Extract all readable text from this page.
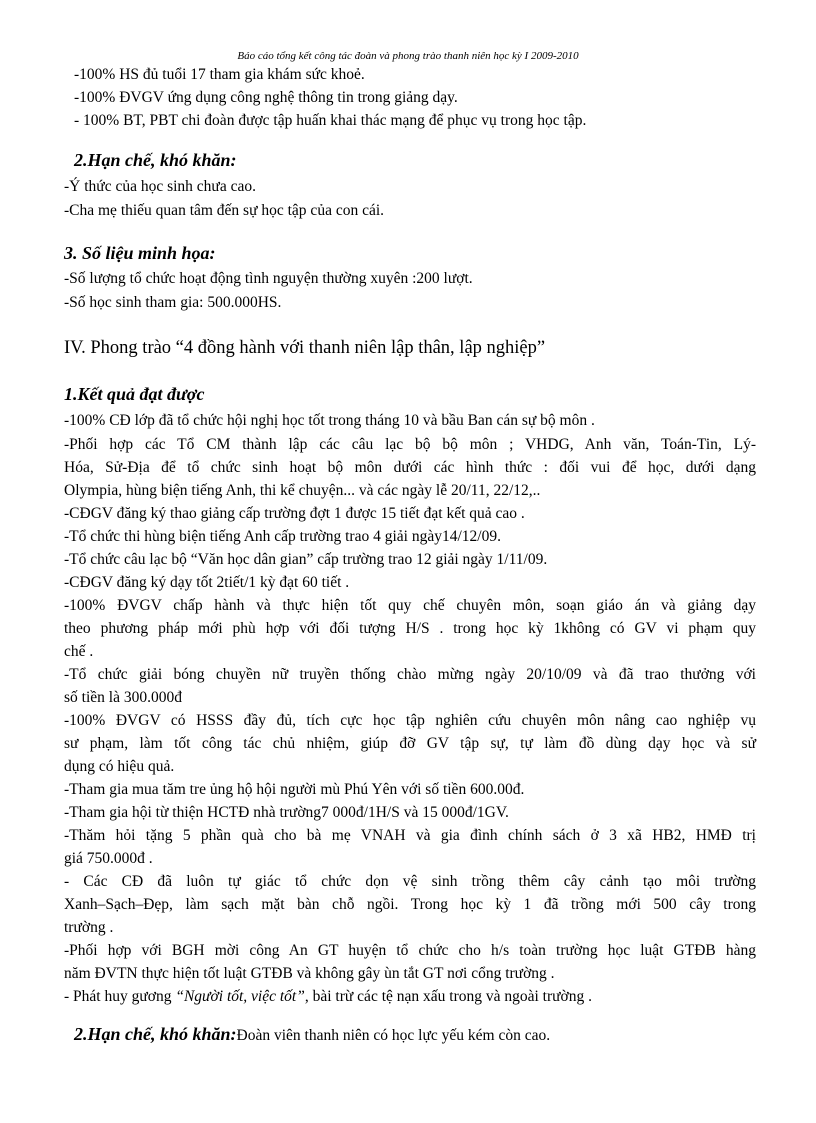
Báo cáo tổng kết công tác đoàn và phong trào thanh niên học kỳ I 2009-2010
-100% HS đủ tuổi 17 tham gia khám sức khoẻ.
-100% ĐVGV ứng dụng công nghệ thông tin trong giảng dạy.
- 100% BT, PBT chi đoàn được tập huấn khai thác mạng để phục vụ trong học tập.
2.Hạn chế, khó khăn:
-Ý thức của học sinh chưa cao.
-Cha mẹ thiếu quan tâm đến sự học tập của con cái.
3. Số liệu minh họa:
-Số lượng tổ chức hoạt động tình nguyện thường xuyên :200 lượt.
-Số học sinh tham gia: 500.000HS.
IV. Phong trào “4 đồng hành với thanh niên lập thân, lập nghiệp”
1.Kết quả đạt được
-100% CĐ lớp đã tổ chức hội nghị học tốt trong tháng 10 và bầu Ban cán sự bộ môn .
-Phối hợp các Tổ CM thành lập các câu lạc bộ bộ môn ; VHDG, Anh văn, Toán-Tin, Lý-
Hóa, Sử-Địa để tổ chức sinh hoạt bộ môn dưới các hình thức : đối vui để học, dưới dạng
Olympia, hùng biện tiếng Anh, thi kể chuyện... và các ngày lễ 20/11, 22/12,..
-CĐGV đăng ký thao giảng cấp trường đợt 1 được 15 tiết đạt kết quả cao .
-Tổ chức thi hùng biện tiếng Anh cấp trường trao 4 giải ngày14/12/09.
-Tổ chức câu lạc bộ “Văn học dân gian” cấp trường trao 12 giải ngày 1/11/09.
-CĐGV đăng ký dạy tốt 2tiết/1 kỳ đạt 60 tiết .
-100% ĐVGV chấp hành và thực hiện tốt quy chế chuyên môn, soạn giáo án và giảng dạy
theo phương pháp mới phù hợp với đối tượng H/S . trong học kỳ 1không có GV vi phạm quy
chế .
-Tổ chức giải bóng chuyền nữ truyền thống chào mừng ngày 20/10/09 và đã trao thưởng với
số tiền là 300.000đ
-100% ĐVGV có HSSS đầy đủ, tích cực học tập nghiên cứu chuyên môn nâng cao nghiệp vụ
sư phạm, làm tốt công tác chủ nhiệm, giúp đỡ GV tập sự, tự làm đồ dùng dạy học và sử
dụng có hiệu quả.
-Tham gia mua tăm tre ủng hộ hội người mù Phú Yên với số tiền 600.00đ.
-Tham gia hội từ thiện HCTĐ nhà trường7 000đ/1H/S và 15 000đ/1GV.
-Thăm hỏi tặng 5 phần quà cho bà mẹ VNAH và gia đình chính sách ở 3 xã HB2, HMĐ trị
giá 750.000đ .
- Các CĐ đã luôn tự giác tổ chức dọn vệ sinh trồng thêm cây cảnh tạo môi trường
Xanh–Sạch–Đẹp, làm sạch mặt bàn chỗ ngồi. Trong học kỳ 1 đã trồng mới 500 cây trong
trường .
-Phối hợp với BGH mời công An GT huyện tổ chức cho h/s toàn trường học luật GTĐB hàng
năm ĐVTN thực hiện tốt luật GTĐB và không gây ùn tắt GT nơi cổng trường .
- Phát huy gương “Người tốt, việc tốt”, bài trừ các tệ nạn xấu trong và ngoài trường .
2.Hạn chế, khó khăn:Đoàn viên thanh niên có học lực yếu kém còn cao.
